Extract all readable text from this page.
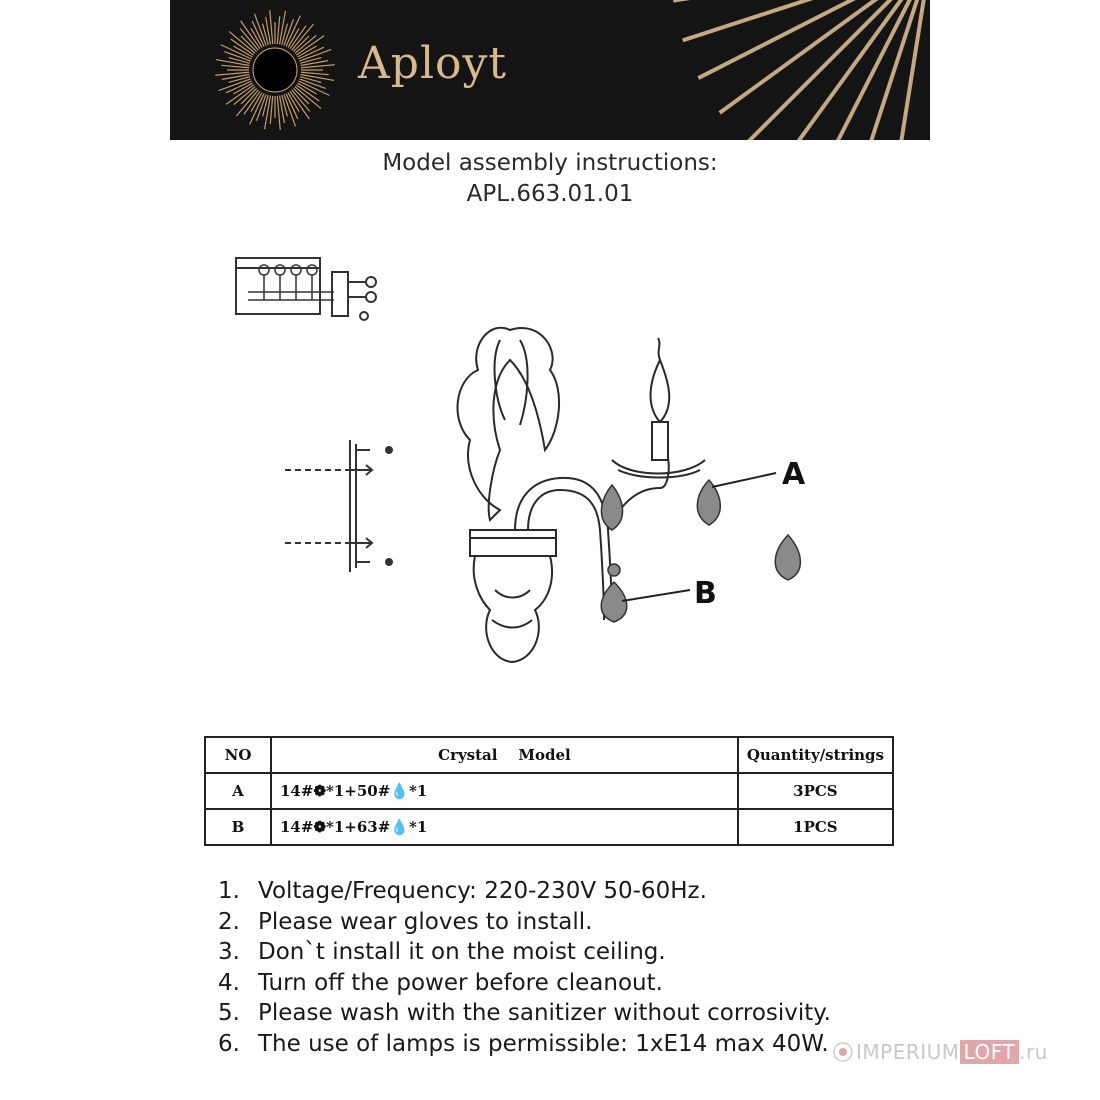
Aployt
Model assembly instructions:
APL.663.01.01
A
B
NO	Crystal    Model	Quantity/strings
A	14#❁*1+50#💧*1	3PCS
B	14#❁*1+63#💧*1	1PCS
1. Voltage/Frequency: 220-230V 50-60Hz.
2. Please wear gloves to install.
3. Don`t install it on the moist ceiling.
4. Turn off the power before cleanout.
5. Please wash with the sanitizer without corrosivity.
6. The use of lamps is permissible: 1xE14 max 40W.	IMPERIUM LOFT .ru
